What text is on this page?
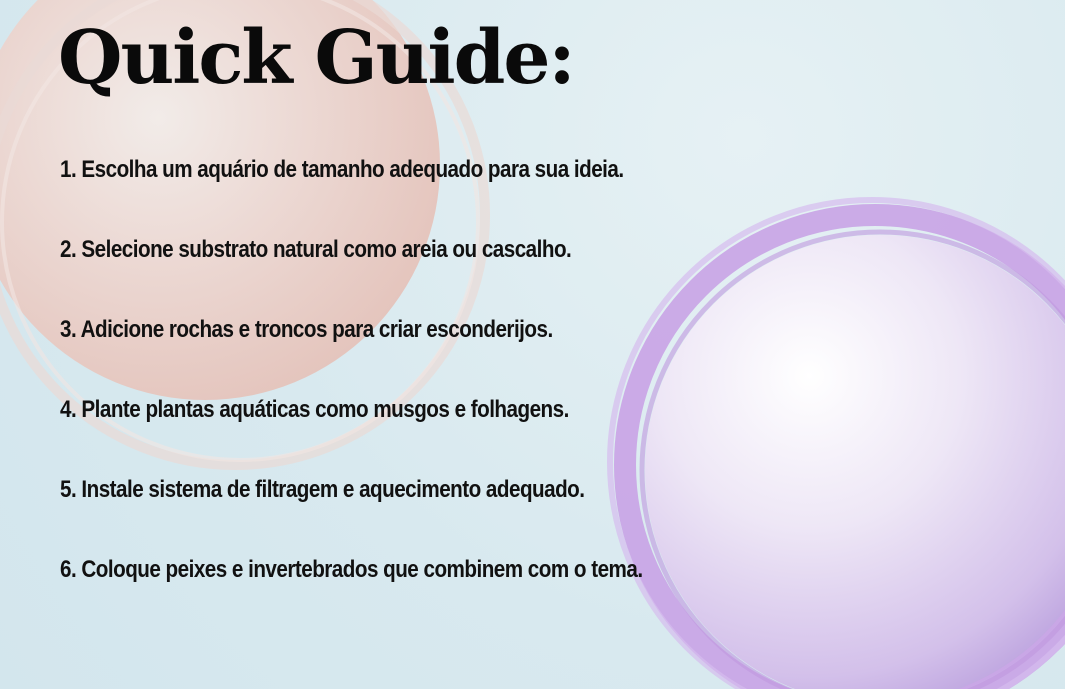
Quick Guide:
1. Escolha um aquário de tamanho adequado para sua ideia.
2. Selecione substrato natural como areia ou cascalho.
3. Adicione rochas e troncos para criar esconderijos.
4. Plante plantas aquáticas como musgos e folhagens.
5. Instale sistema de filtragem e aquecimento adequado.
6. Coloque peixes e invertebrados que combinem com o tema.
